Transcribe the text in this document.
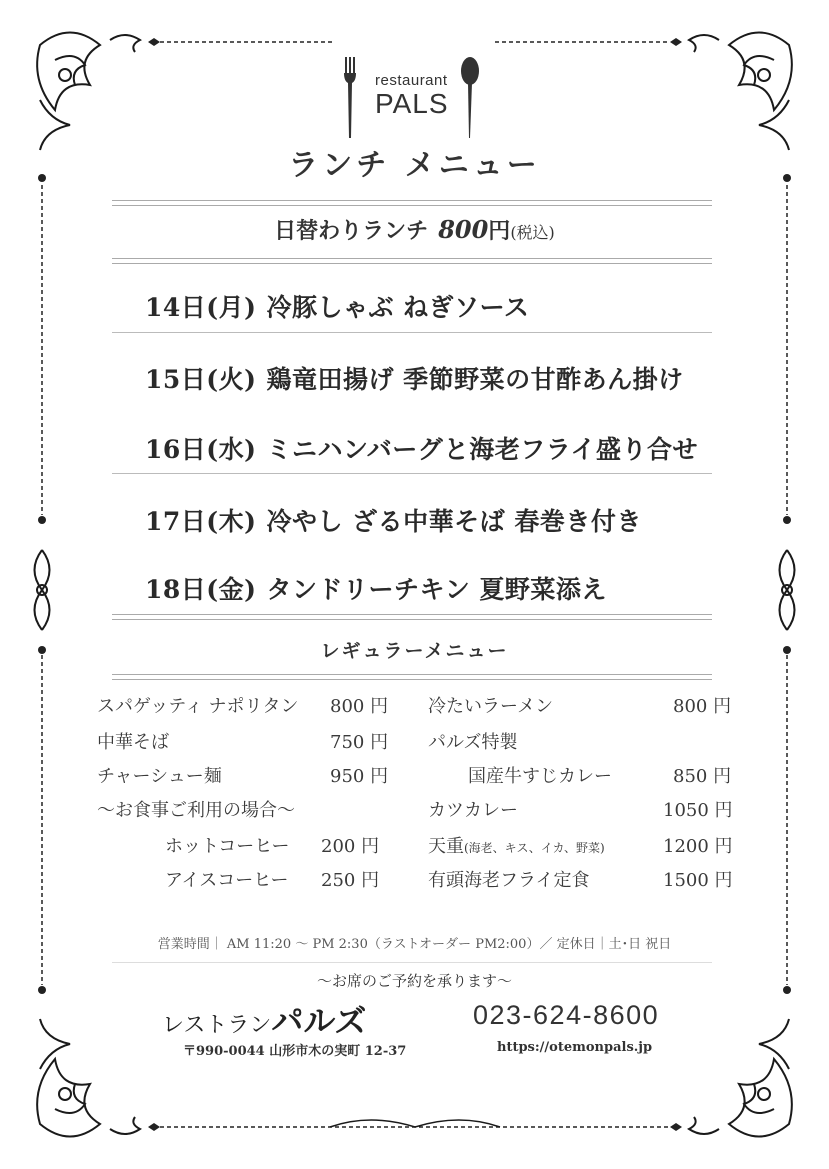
restaurant
PALS
ランチ メニュー
日替わりランチ 800円(税込)
14日(月) 冷豚しゃぶ ねぎソース
15日(火) 鶏竜田揚げ 季節野菜の甘酢あん掛け
16日(水) ミニハンバーグと海老フライ盛り合せ
17日(木) 冷やし ざる中華そば 春巻き付き
18日(金) タンドリーチキン 夏野菜添え
レギュラーメニュー
スパゲッティ ナポリタン 800 円
中華そば	750 円
チャーシュー麺	950 円
～お食事ご利用の場合～
ホットコーヒー 200 円
アイスコーヒー 250 円
冷たいラーメン	800 円
パルズ特製
国産牛すじカレー	850 円
カツカレー	1050 円
天重(海老、キス、イカ、野菜)	1200 円
有頭海老フライ定食	1500 円
営業時間｜ AM 11:20 ～ PM 2:30（ラストオーダー PM2:00）／ 定休日｜土･日 祝日
～お席のご予約を承ります～
レストランパルズ	023-624-8600
〒990-0044 山形市木の実町 12-37	https://otemonpals.jp
